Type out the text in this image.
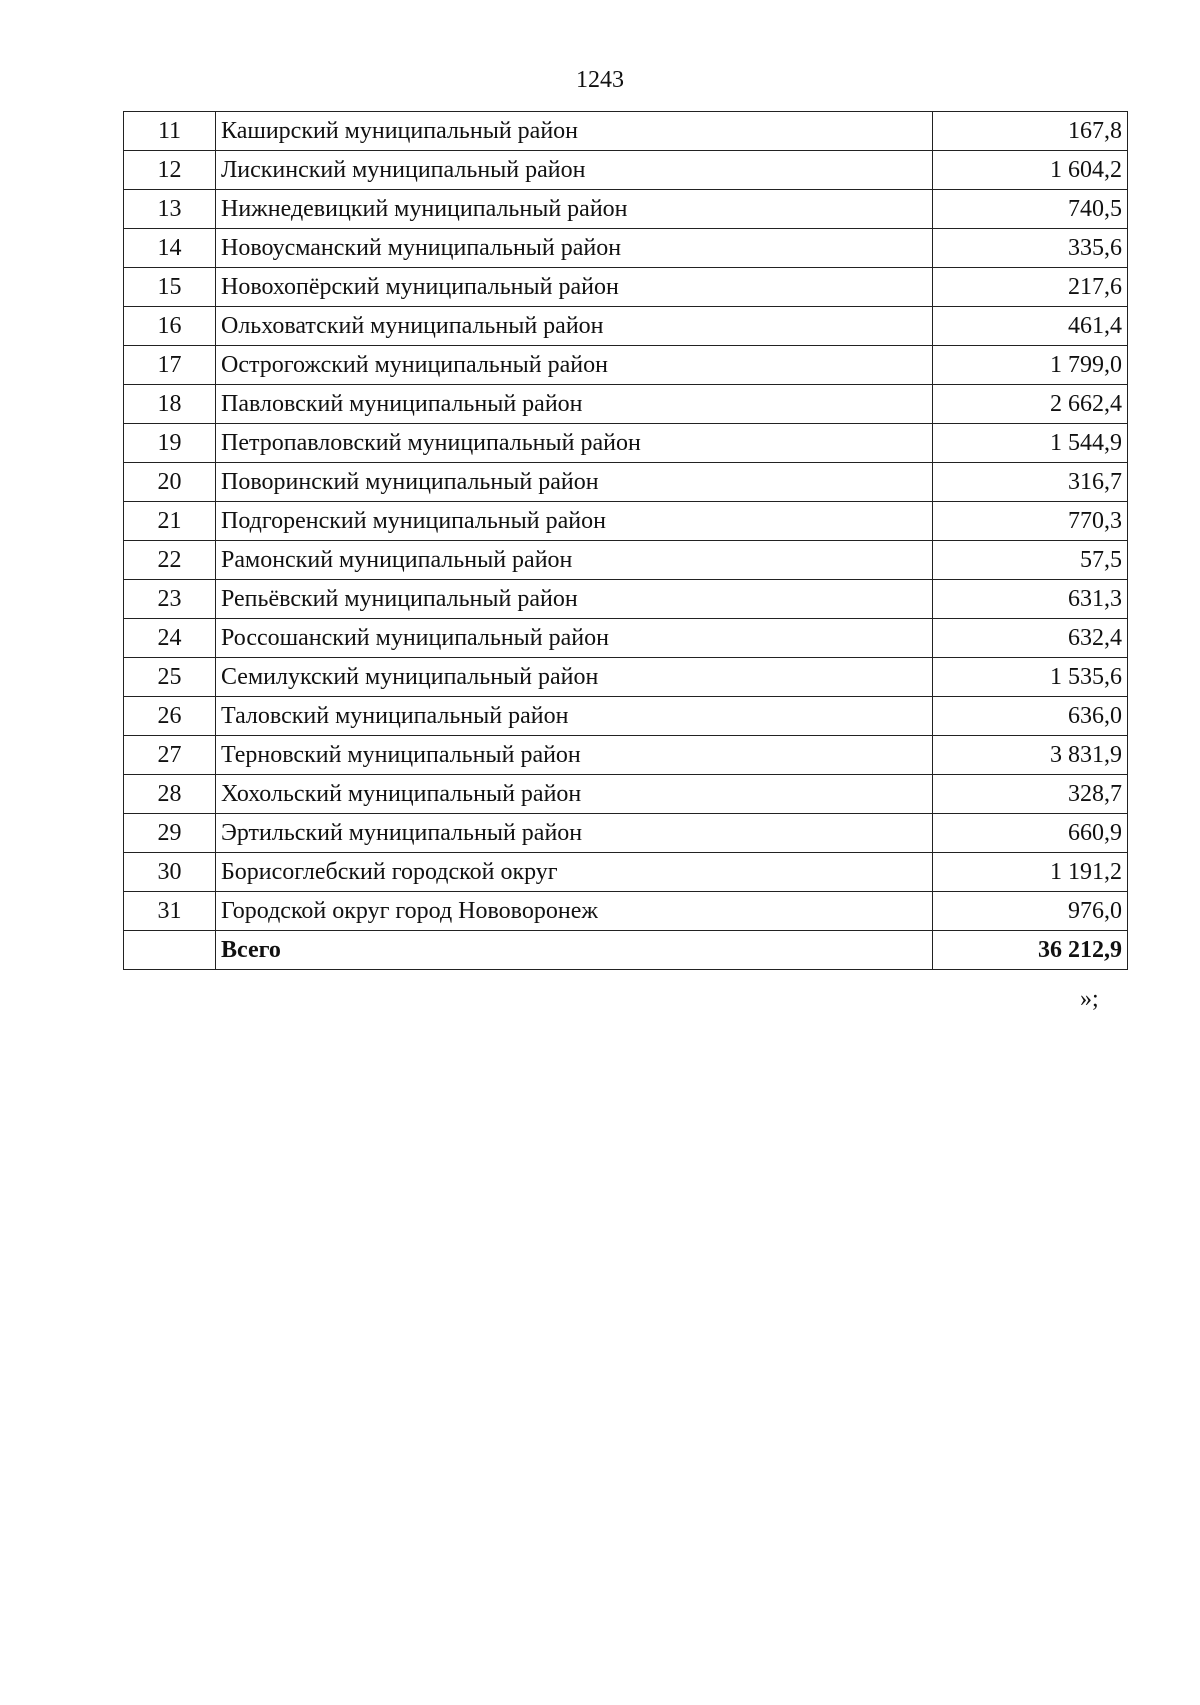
1243
11	Каширский муниципальный район	167,8
12	Лискинский муниципальный район	1 604,2
13	Нижнедевицкий муниципальный район	740,5
14	Новоусманский муниципальный район	335,6
15	Новохопёрский муниципальный район	217,6
16	Ольховатский муниципальный район	461,4
17	Острогожский муниципальный район	1 799,0
18	Павловский муниципальный район	2 662,4
19	Петропавловский муниципальный район	1 544,9
20	Поворинский муниципальный район	316,7
21	Подгоренский муниципальный район	770,3
22	Рамонский муниципальный район	57,5
23	Репьёвский муниципальный район	631,3
24	Россошанский муниципальный район	632,4
25	Семилукский муниципальный район	1 535,6
26	Таловский муниципальный район	636,0
27	Терновский муниципальный район	3 831,9
28	Хохольский муниципальный район	328,7
29	Эртильский муниципальный район	660,9
30	Борисоглебский городской округ	1 191,2
31	Городской округ город Нововоронеж	976,0
	Всего	36 212,9
»;
